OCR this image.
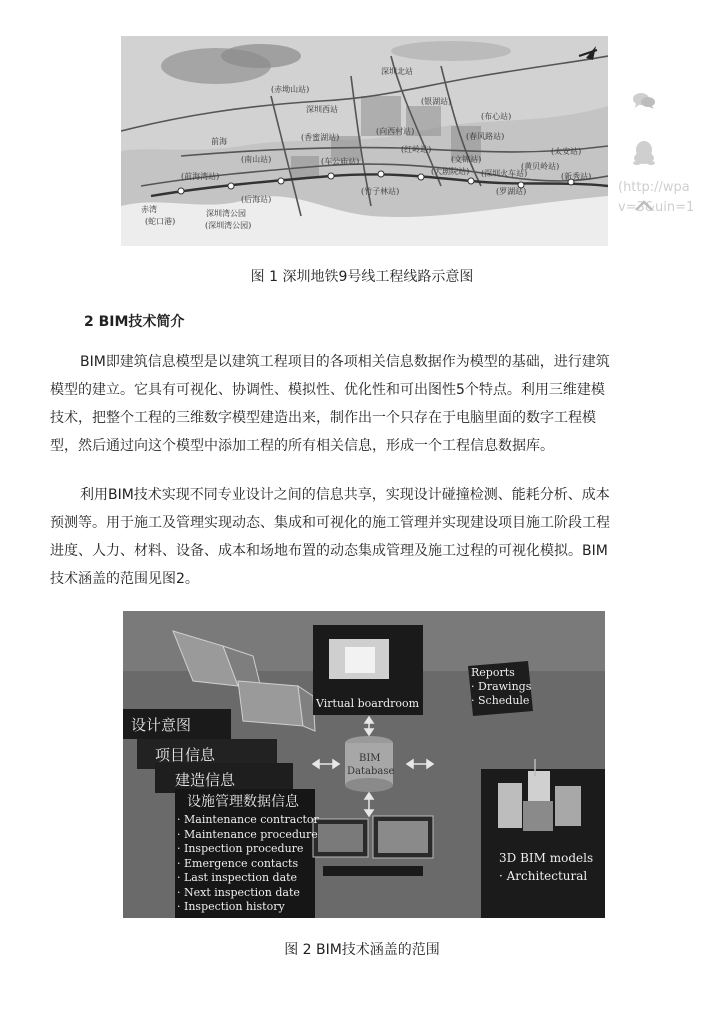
(赤坳山站)
深圳西站
(前海湾站)
深圳北站
(南山站)
前海
赤湾
(蛇口港)
深圳湾公园
(后海站)
(深圳湾公园)
(香蜜湖站)
(车公庙站)
(竹子林站)
(银湖站)
(红岭站)
(文锦站)
(大剧院站)
(向西村站)
(深圳火车站)
(黄贝岭站)
(春风路站)
(新秀站)
(罗湖站)
(布心站)
(太安站)
(http://wpa
v=3&uin=1
图 1 深圳地铁9号线工程线路示意图
2 BIM技术简介
BIM即建筑信息模型是以建筑工程项目的各项相关信息数据作为模型的基础，进行建筑
模型的建立。它具有可视化、协调性、模拟性、优化性和可出图性5个特点。利用三维建模
技术，把整个工程的三维数字模型建造出来，制作出一个只存在于电脑里面的数字工程模
型，然后通过向这个模型中添加工程的所有相关信息，形成一个工程信息数据库。
利用BIM技术实现不同专业设计之间的信息共享，实现设计碰撞检测、能耗分析、成本
预测等。用于施工及管理实现动态、集成和可视化的施工管理并实现建设项目施工阶段工程
进度、人力、材料、设备、成本和场地布置的动态集成管理及施工过程的可视化模拟。BIM
技术涵盖的范围见图2。
设计意图
项目信息
建造信息
设施管理数据信息
· Maintenance contractor
· Maintenance procedure
· Inspection procedure
· Emergence contacts
· Last inspection date
· Next inspection date
· Inspection history
Virtual boardroom
Reports
· Drawings
· Schedule
BIM
Database
3D BIM models
· Architectural
图 2 BIM技术涵盖的范围
